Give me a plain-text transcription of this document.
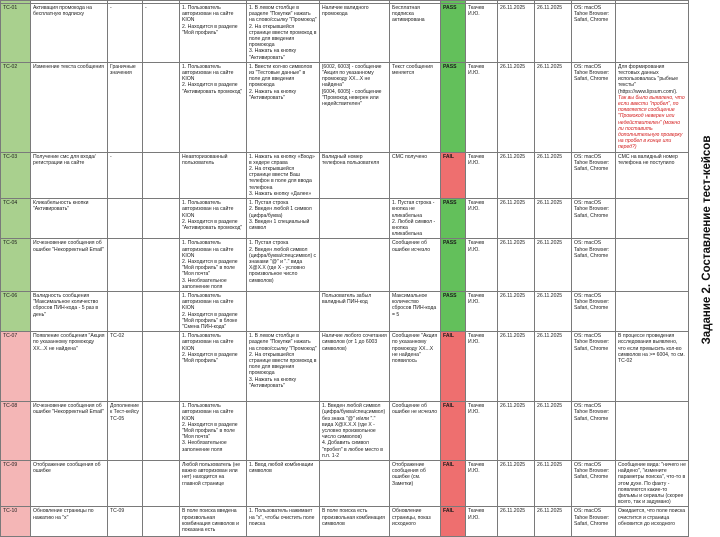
TC-01	Активация промокода на бесплатную подписку	-	-	1. Пользователь авторизован на сайте KION
2. Находится в разделе "Мой профиль"	1. В левом столбце в разделе "Покупки" нажать на слово/ссылку "Промокод"
2. На открывшейся странице ввести промокод в поле для введения промокода
3. Нажать на кнопку "Активировать"	Наличие валидного промокода	Бесплатная подписка активирована	PASS	Ткачев И.Ю.	26.11.2025	26.11.2025	OS: macOS Tahoe Browser: Safari, Chrome	
TC-02	Изменение текста сообщения	Граничные значения		1. Пользователь авторизован на сайте KION
2. Находится в разделе "Активировать промокод"	1. Ввести кол-во символов из "Тестовые данные" в поле для введения промокода
2. Нажать на кнопку "Активировать"	[6002, 6003] - сообщение "Акция по указанному промокоду ХХ...Х не найдена"
[6004, 6005] - сообщение "Промокод неверен или недействителен"	Текст сообщения меняется	PASS	Ткачев И.Ю.	26.11.2025	26.11.2025	OS: macOS Tahoe Browser: Safari, Chrome	Для формирования тестовых данных использовалась "рыбные тексты" (https://www.lipsum.com/).
Так вы было выявлено, что если ввести "пробел", по появляется сообщение "Промокод неверен или недействителен" (можно ли поставить дополнительную проверку на пробел в конце или перед?)

TC-03	Получение смс для входа/регистрации на сайте	-		Неавторизованный пользователь	1. Нажать на кнопку «Вход» в хедере справа
2. На открывшейся странице ввести Ваш телефон в поле для ввода телефона
3. Нажать кнопку «Далее»	Валидный номер телефона пользователя	СМС получено	FAIL	Ткачев И.Ю.	26.11.2025	26.11.2025	OS: macOS Tahoe Browser: Safari, Chrome	СМС на валидный номер телефона не поступило
TC-04	Кликабельность кнопки "Активировать"			1. Пользователь авторизован на сайте KION
2. Находится в разделе "Активировать промокод"	1. Пустая строка
2. Введен любой 1 символ (цифра/буква)
3. Введен 1 специальный символ		1. Пустая строка - кнопка не кликабельна
2. Любой символ - кнопка кликабельна	PASS	Ткачев И.Ю.	26.11.2025	26.11.2025	OS: macOS Tahoe Browser: Safari, Chrome	
TC-05	Исчезновение сообщения об ошибке "Некорректный Email"			1. Пользователь авторизован на сайте KION
2. Находится в разделе "Мой профиль" в поле "Моя почта"
3. Необязательное заполнение поля	1. Пустая строка
2. Введен любой символ (цифра/буква/спецсимвол) с знаками "@" и "." вида X@X.X (где X - условно произвольное число символов)		Сообщение об ошибке исчезло	PASS	Ткачев И.Ю.	26.11.2025	26.11.2025	OS: macOS Tahoe Browser: Safari, Chrome	
TC-06	Валидность сообщения "Максимальное количество сбросов ПИН-кода - 5 раз в день"			1. Пользователь авторизован на сайте KION
2. Находится в разделе "Мой профиль" в блоке "Смена ПИН-кода"		Пользователь забыл валидный ПИН-код	Максимальное количество сбросов ПИН-кода = 5	PASS	Ткачев И.Ю.	26.11.2025	26.11.2025	OS: macOS Tahoe Browser: Safari, Chrome	
TC-07	Появление сообщения "Акция по указанному промокоду ХХ...Х не найдена"	TC-02		1. Пользователь авторизован на сайте KION
2. Находится в разделе "Мой профиль"	1. В левом столбце в разделе "Покупки" нажать на слово/ссылку "Промокод"
2. На открывшейся странице ввести промокод в поле для введения промокода
3. Нажать на кнопку "Активировать"	Наличие любого сочетания символов (от 1 до 6003 символов)	Сообщение "Акция по указанному промокоду ХХ...Х не найдена" появилось	FAIL	Ткачев И.Ю.	26.11.2025	26.11.2025	OS: macOS Tahoe Browser: Safari, Chrome	В процессе проведения исследования выявлено, что если превысить кол-во символов на >= 6004, то см. TC-02
TC-08	Исчезновение сообщения об ошибке "Некорректный Email"	Дополнение к Тест-кейсу TC-05		1. Пользователь авторизован на сайте KION
2. Находится в разделе "Мой профиль" в поле "Моя почта"
3. Необязательное заполнение поля		1. Введен любой символ (цифра/буква/спецсимвол) без знака "@" и/или "." вида X@X.X.X (где X - условно произвольное число символов)
4. Добавить символ "пробел" в любое место в п.п. 1-2	Сообщение об ошибке не исчезло	FAIL	Ткачев И.Ю.	26.11.2025	26.11.2025	OS: macOS Tahoe Browser: Safari, Chrome	
TC-09	Отображение сообщения об ошибке			Любой пользователь (не важно авторизован или нет) находится на главной странице	1. Ввод любой комбинации символов		Отображение сообщения об ошибке (см. Заметки)	FAIL	Ткачев И.Ю.	26.11.2025	26.11.2025	OS: macOS Tahoe Browser: Safari, Chrome	Сообщение вида: "ничего не найдено", "измените параметры поиска", что-то в этом духе. По факту - появляются какие-то фильмы и сериалы (скорее всего, так и задумано)
TC-10	Обновление страницы по нажатию на "х"	TC-09		В поле поиска введена произвольная комбинация символов и показана есть	1. Пользователь нажимает на "х", чтобы очистить поле поиска	В поле поиска есть произвольная комбинация символов	Обновление страницы, показ исходного	FAIL	Ткачев И.Ю.	26.11.2025	26.11.2025	OS: macOS Tahoe Browser: Safari, Chrome	Ожидается, что поле поиска очистится и страница обновится до исходного
Задание 2. Составление тест-кейсов
